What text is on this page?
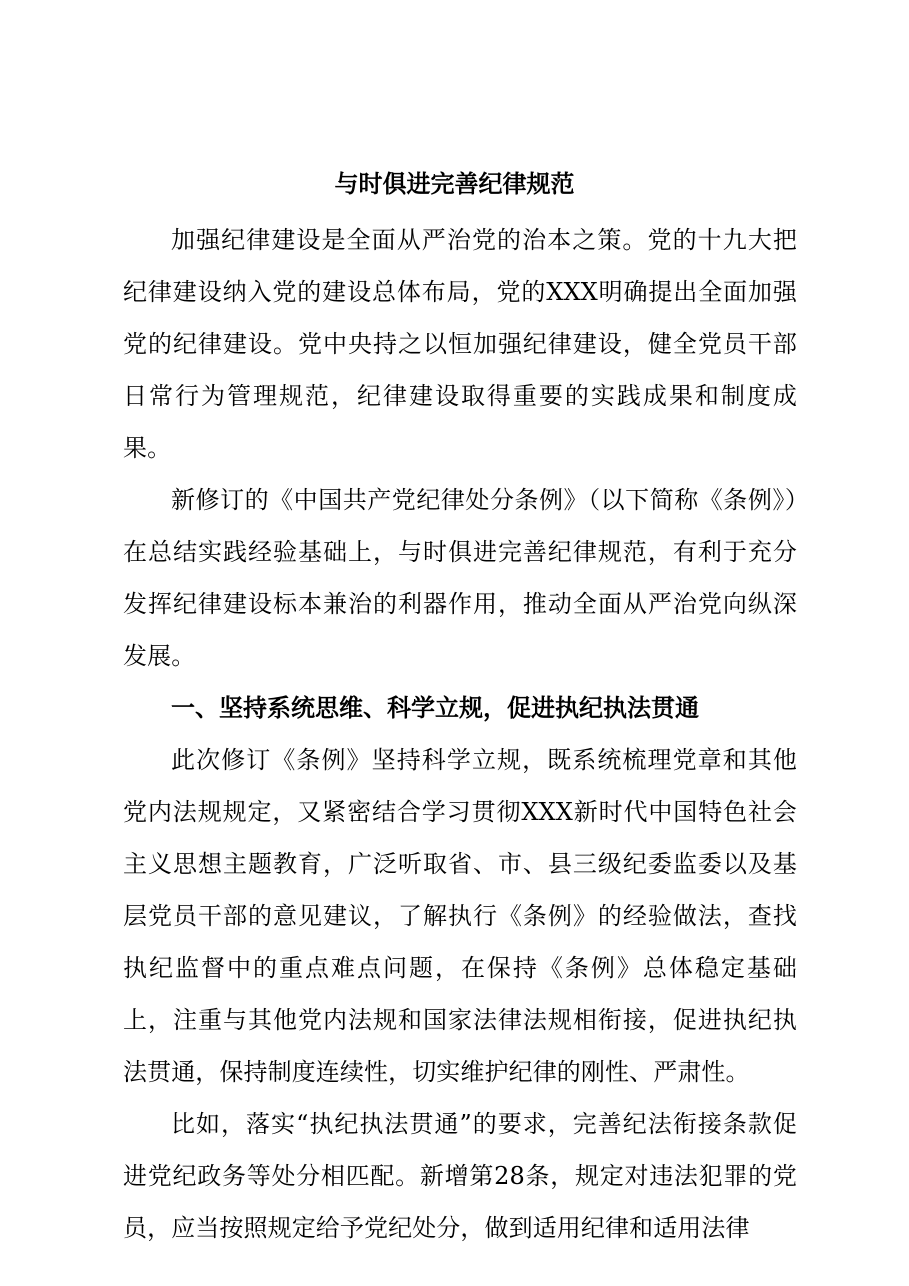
与时俱进完善纪律规范

加强纪律建设是全面从严治党的治本之策。党的十九大把纪律建设纳入党的建设总体布局，党的XXX明确提出全面加强党的纪律建设。党中央持之以恒加强纪律建设，健全党员干部日常行为管理规范，纪律建设取得重要的实践成果和制度成果。

新修订的《中国共产党纪律处分条例》（以下简称《条例》）在总结实践经验基础上，与时俱进完善纪律规范，有利于充分发挥纪律建设标本兼治的利器作用，推动全面从严治党向纵深发展。

一、坚持系统思维、科学立规，促进执纪执法贯通

此次修订《条例》坚持科学立规，既系统梳理党章和其他党内法规规定，又紧密结合学习贯彻XXX新时代中国特色社会主义思想主题教育，广泛听取省、市、县三级纪委监委以及基层党员干部的意见建议，了解执行《条例》的经验做法，查找执纪监督中的重点难点问题，在保持《条例》总体稳定基础上，注重与其他党内法规和国家法律法规相衔接，促进执纪执法贯通，保持制度连续性，切实维护纪律的刚性、严肃性。

比如，落实“执纪执法贯通”的要求，完善纪法衔接条款促进党纪政务等处分相匹配。新增第28条，规定对违法犯罪的党员，应当按照规定给予党纪处分，做到适用纪律和适用法律
